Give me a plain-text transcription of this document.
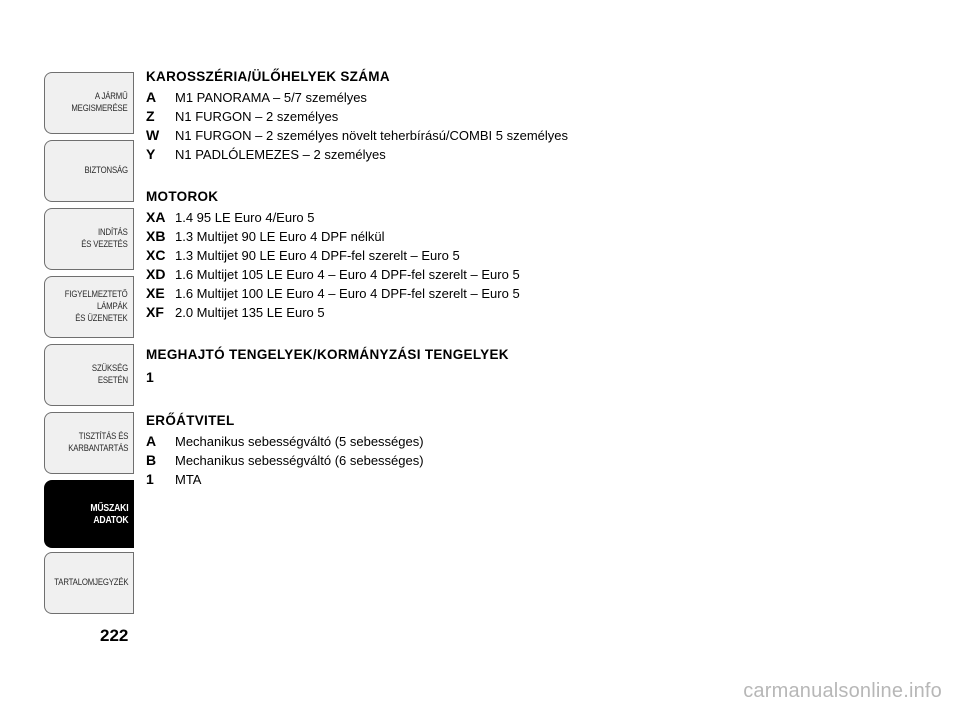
A JÁRMŰ
MEGISMERÉSE
BIZTONSÁG
INDÍTÁS
ÉS VEZETÉS
FIGYELMEZTETŐ
LÁMPÁK
ÉS ÜZENETEK
SZÜKSÉG
ESETÉN
TISZTÍTÁS ÉS
KARBANTARTÁS
MŰSZAKI
ADATOK
TARTALOMJEGYZÉK
222
KAROSSZÉRIA/ÜLŐHELYEK SZÁMA
A	M1 PANORAMA – 5/7 személyes
Z	N1 FURGON – 2 személyes
W	N1 FURGON – 2 személyes növelt teherbírású/COMBI 5 személyes
Y	N1 PADLÓLEMEZES – 2 személyes
MOTOROK
XA 1.4 95 LE Euro 4/Euro 5
XB 1.3 Multijet 90 LE Euro 4 DPF nélkül
XC 1.3 Multijet 90 LE Euro 4 DPF-fel szerelt – Euro 5
XD 1.6 Multijet 105 LE Euro 4 – Euro 4 DPF-fel szerelt – Euro 5
XE 1.6 Multijet 100 LE Euro 4 – Euro 4 DPF-fel szerelt – Euro 5
XF 2.0 Multijet 135 LE Euro 5
MEGHAJTÓ TENGELYEK/KORMÁNYZÁSI TENGELYEK
1
ERŐÁTVITEL
A	Mechanikus sebességváltó (5 sebességes)
B	Mechanikus sebességváltó (6 sebességes)
1	MTA
carmanualsonline.info
